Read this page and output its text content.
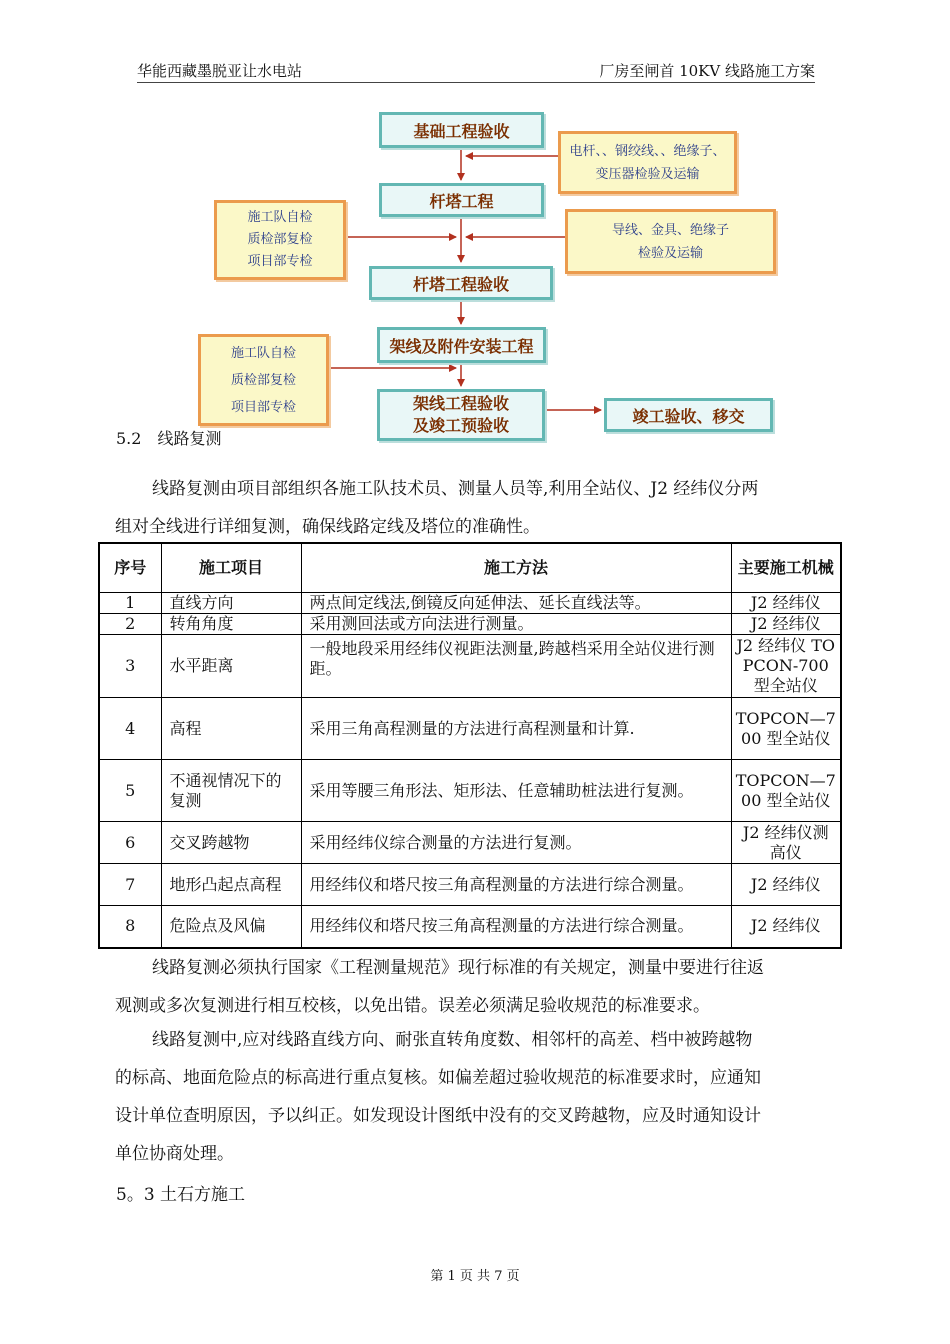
华能西藏墨脱亚让水电站	厂房至闸首 10KV 线路施工方案
基础工程验收
电杆、、钢绞线、、绝缘子、
变压器检验及运输
杆塔工程
施工队自检
质检部复检
项目部专检
导线、金具、绝缘子
检验及运输
杆塔工程验收
架线及附件安装工程
施工队自检
质检部复检
项目部专检	架线工程验收
及竣工预验收	竣工验收、移交
5.2　线路复测
线路复测由项目部组织各施工队技术员、测量人员等,利用全站仪、J2 经纬仪分两
组对全线进行详细复测，确保线路定线及塔位的准确性。
序号	施工项目	施工方法	主要施工机械
1	直线方向	两点间定线法,倒镜反向延伸法、延长直线法等。	J2 经纬仪
2	转角角度	采用测回法或方向法进行测量。	J2 经纬仪
3	水平距离	一般地段采用经纬仪视距法测量,跨越档采用全站仪进行测距。	J2 经纬仪 TOPCON-700 型全站仪
4	高程	采用三角高程测量的方法进行高程测量和计算.	TOPCON—700 型全站仪
5	不通视情况下的复测	采用等腰三角形法、矩形法、任意辅助桩法进行复测。	TOPCON—700 型全站仪
6	交叉跨越物	采用经纬仪综合测量的方法进行复测。	J2 经纬仪测高仪
7	地形凸起点高程	用经纬仪和塔尺按三角高程测量的方法进行综合测量。	J2 经纬仪
8	危险点及风偏	用经纬仪和塔尺按三角高程测量的方法进行综合测量。	J2 经纬仪
线路复测必须执行国家《工程测量规范》现行标准的有关规定，测量中要进行往返
观测或多次复测进行相互校核，以免出错。误差必须满足验收规范的标准要求。
线路复测中,应对线路直线方向、耐张直转角度数、相邻杆的高差、档中被跨越物
的标高、地面危险点的标高进行重点复核。如偏差超过验收规范的标准要求时，应通知
设计单位查明原因，予以纠正。如发现设计图纸中没有的交叉跨越物，应及时通知设计
单位协商处理。
5。3 土石方施工
第 1 页 共 7 页
